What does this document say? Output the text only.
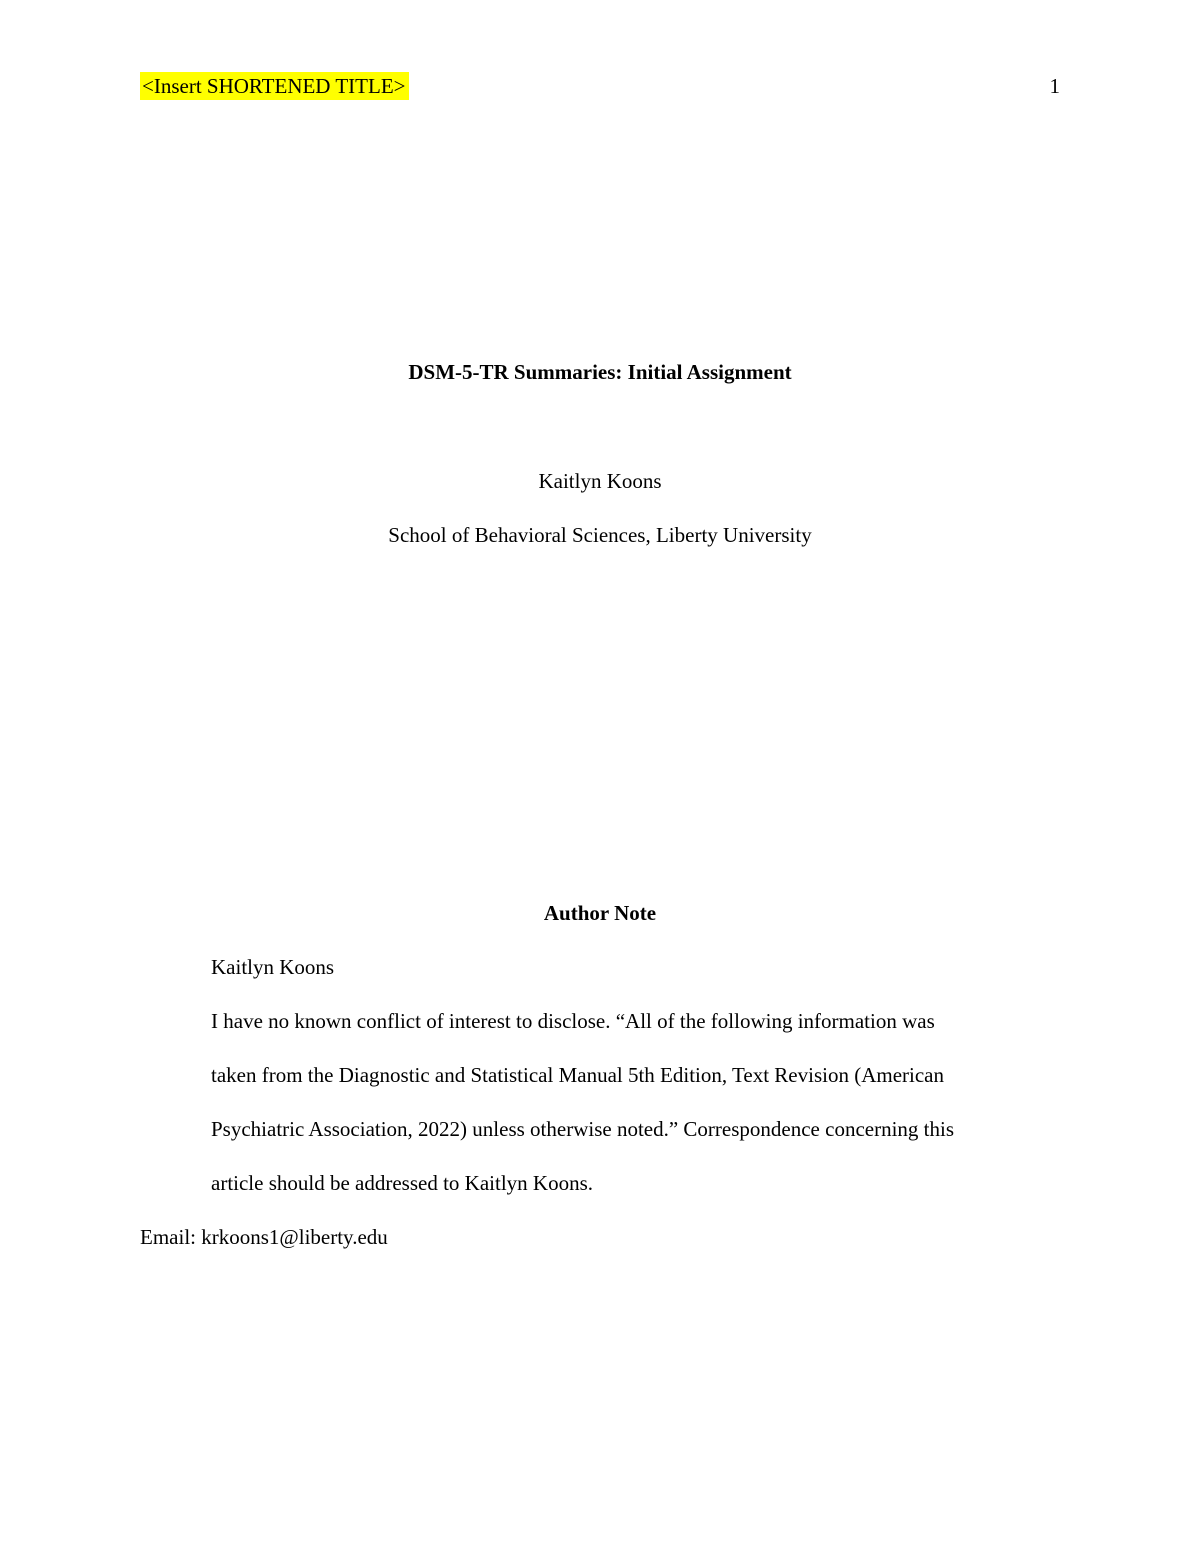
<Insert SHORTENED TITLE>	1
DSM-5-TR Summaries: Initial Assignment
Kaitlyn Koons
School of Behavioral Sciences, Liberty University
Author Note
Kaitlyn Koons
I have no known conflict of interest to disclose. “All of the following information was
taken from the Diagnostic and Statistical Manual 5th Edition, Text Revision (American
Psychiatric Association, 2022) unless otherwise noted.” Correspondence concerning this
article should be addressed to Kaitlyn Koons.
Email: krkoons1@liberty.edu
